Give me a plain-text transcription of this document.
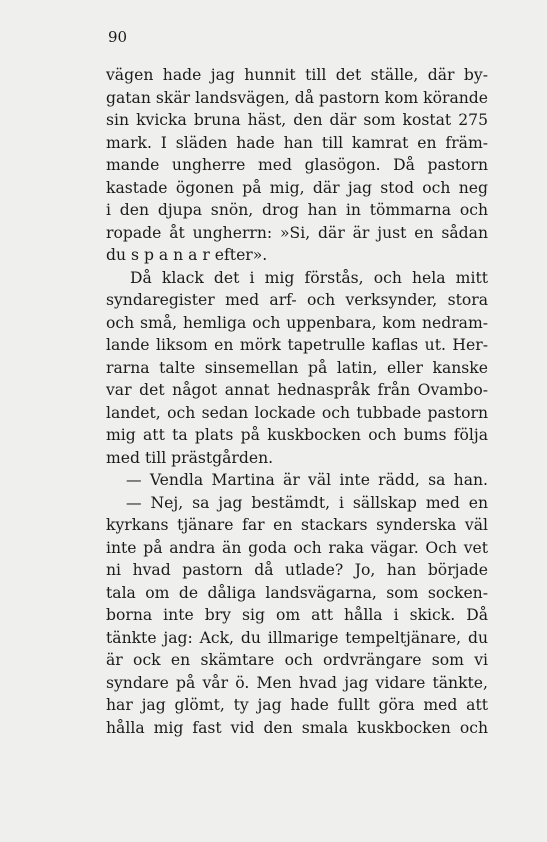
90
vägen hade jag hunnit till det ställe, där by-
gatan skär landsvägen, då pastorn kom körande
sin kvicka bruna häst, den där som kostat 275
mark. I släden hade han till kamrat en främ-
mande ungherre med glasögon. Då pastorn
kastade ögonen på mig, där jag stod och neg
i den djupa snön, drog han in tömmarna och
ropade åt ungherrn: »Si, där är just en sådan
du s p a n a r efter».
Då klack det i mig förstås, och hela mitt
syndaregister med arf- och verksynder, stora
och små, hemliga och uppenbara, kom nedram-
lande liksom en mörk tapetrulle kaflas ut. Her-
rarna talte sinsemellan på latin, eller kanske
var det något annat hednaspråk från Ovambo-
landet, och sedan lockade och tubbade pastorn
mig att ta plats på kuskbocken och bums följa
med till prästgården.
— Vendla Martina är väl inte rädd, sa han.
— Nej, sa jag bestämdt, i sällskap med en
kyrkans tjänare far en stackars synderska väl
inte på andra än goda och raka vägar. Och vet
ni hvad pastorn då utlade? Jo, han började
tala om de dåliga landsvägarna, som socken-
borna inte bry sig om att hålla i skick. Då
tänkte jag: Ack, du illmarige tempeltjänare, du
är ock en skämtare och ordvrängare som vi
syndare på vår ö. Men hvad jag vidare tänkte,
har jag glömt, ty jag hade fullt göra med att
hålla mig fast vid den smala kuskbocken och
